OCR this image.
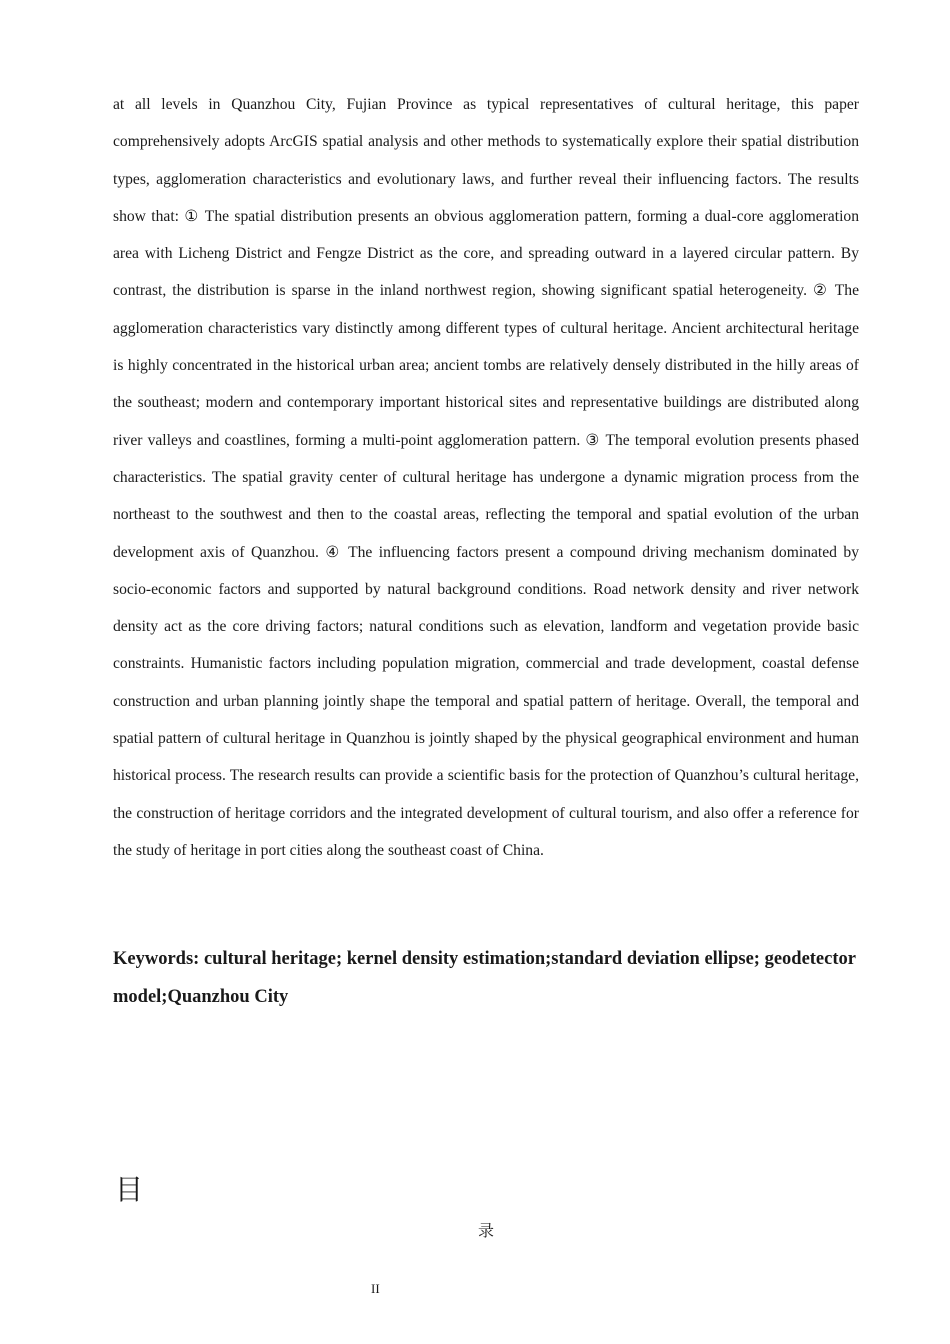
at all levels in Quanzhou City, Fujian Province as typical representatives of cultural heritage, this paper comprehensively adopts ArcGIS spatial analysis and other methods to systematically explore their spatial distribution types, agglomeration characteristics and evolutionary laws, and further reveal their influencing factors. The results show that: ① The spatial distribution presents an obvious agglomeration pattern, forming a dual-core agglomeration area with Licheng District and Fengze District as the core, and spreading outward in a layered circular pattern. By contrast, the distribution is sparse in the inland northwest region, showing significant spatial heterogeneity. ② The agglomeration characteristics vary distinctly among different types of cultural heritage. Ancient architectural heritage is highly concentrated in the historical urban area; ancient tombs are relatively densely distributed in the hilly areas of the southeast; modern and contemporary important historical sites and representative buildings are distributed along river valleys and coastlines, forming a multi-point agglomeration pattern. ③ The temporal evolution presents phased characteristics. The spatial gravity center of cultural heritage has undergone a dynamic migration process from the northeast to the southwest and then to the coastal areas, reflecting the temporal and spatial evolution of the urban development axis of Quanzhou. ④ The influencing factors present a compound driving mechanism dominated by socio-economic factors and supported by natural background conditions. Road network density and river network density act as the core driving factors; natural conditions such as elevation, landform and vegetation provide basic constraints. Humanistic factors including population migration, commercial and trade development, coastal defense construction and urban planning jointly shape the temporal and spatial pattern of heritage. Overall, the temporal and spatial pattern of cultural heritage in Quanzhou is jointly shaped by the physical geographical environment and human historical process. The research results can provide a scientific basis for the protection of Quanzhou’s cultural heritage, the construction of heritage corridors and the integrated development of cultural tourism, and also offer a reference for the study of heritage in port cities along the southeast coast of China.

Keywords: cultural heritage; kernel density estimation;standard deviation ellipse; geodetector model;Quanzhou City

目
录
II
